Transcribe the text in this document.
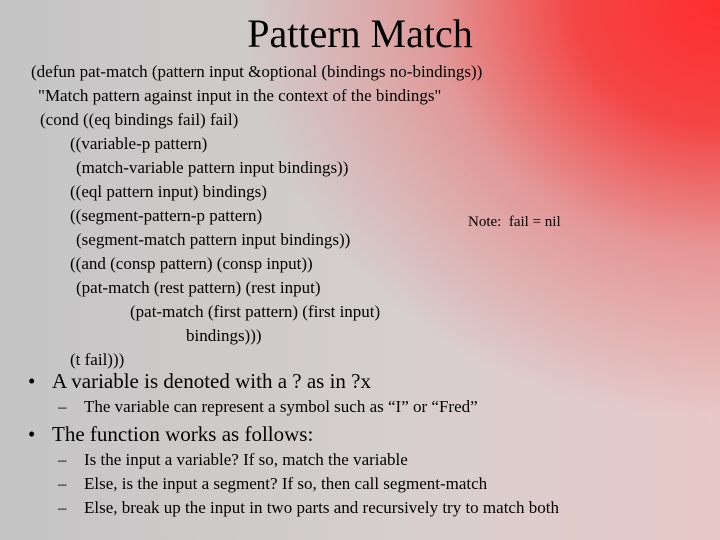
Pattern Match
(defun pat-match (pattern input &optional (bindings no-bindings))
"Match pattern against input in the context of the bindings"
(cond ((eq bindings fail) fail)
((variable-p pattern)
(match-variable pattern input bindings))
((eql pattern input) bindings)
((segment-pattern-p pattern)
(segment-match pattern input bindings))
((and (consp pattern) (consp input))
(pat-match (rest pattern) (rest input)
(pat-match (first pattern) (first input)
bindings)))
(t fail)))
Note:  fail = nil
• A variable is denoted with a ? as in ?x
– The variable can represent a symbol such as “I” or “Fred”
• The function works as follows:
– Is the input a variable? If so, match the variable
– Else, is the input a segment? If so, then call segment-match
– Else, break up the input in two parts and recursively try to match both
